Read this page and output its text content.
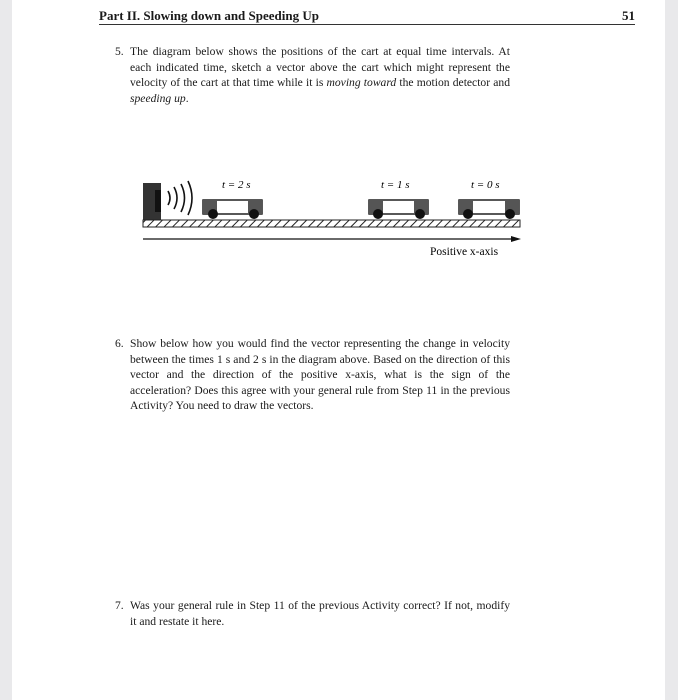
Part II. Slowing down and Speeding Up	51
5. The diagram below shows the positions of the cart at equal time intervals. At each indicated time, sketch a vector above the cart which might represent the velocity of the cart at that time while it is moving toward the motion detector and speeding up.
t = 2 s	t = 1 s	t = 0 s
Positive x-axis
6. Show below how you would find the vector representing the change in velocity between the times 1 s and 2 s in the diagram above. Based on the direction of this vector and the direction of the positive x-axis, what is the sign of the acceleration? Does this agree with your general rule from Step 11 in the previous Activity? You need to draw the vectors.
7. Was your general rule in Step 11 of the previous Activity correct? If not, modify it and restate it here.
